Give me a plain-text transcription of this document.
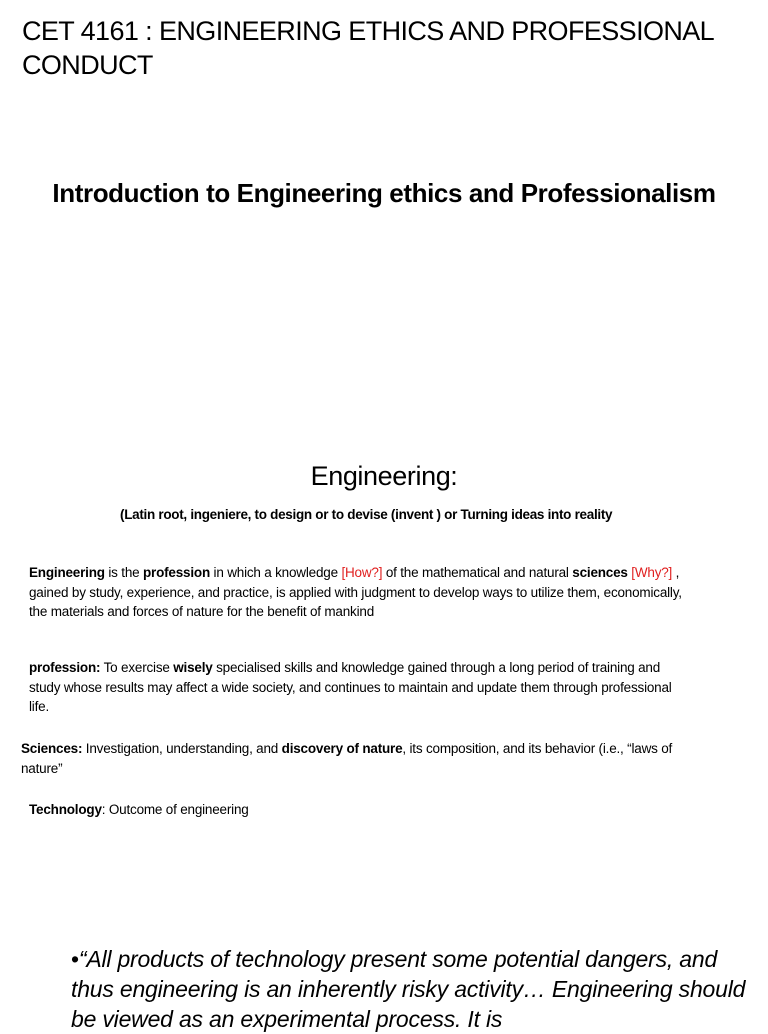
CET 4161 : ENGINEERING ETHICS AND PROFESSIONAL CONDUCT

Introduction to Engineering ethics and Professionalism

Engineering:

(Latin root, ingeniere, to design or to devise (invent ) or Turning ideas into reality

Engineering is the profession in which a knowledge [How?] of the mathematical and natural sciences [Why?] , gained by study, experience, and practice, is applied with judgment to develop ways to utilize them, economically, the materials and forces of nature for the benefit of mankind

profession: To exercise wisely specialised skills and knowledge gained through a long period of training and study whose results may affect a wide society, and continues to maintain and update them through professional life.

Sciences: Investigation, understanding, and discovery of nature, its composition, and its behavior (i.e., “laws of nature”

Technology: Outcome of engineering

•“All products of technology present some potential dangers, and thus engineering is an inherently risky activity… Engineering should be viewed as an experimental process. It is
